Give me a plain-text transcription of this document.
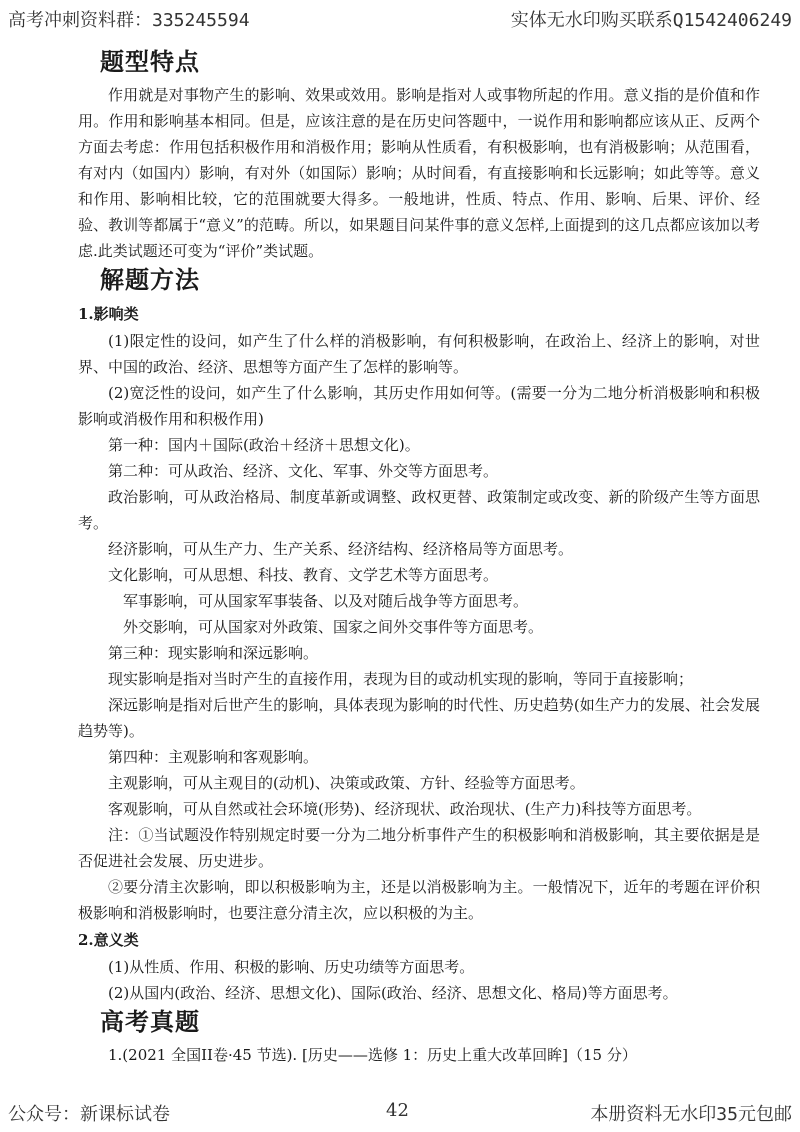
高考冲刺资料群：335245594	实体无水印购买联系Q1542406249
题型特点

作用就是对事物产生的影响、效果或效用。影响是指对人或事物所起的作用。意义指的是价值和作用。作用和影响基本相同。但是，应该注意的是在历史问答题中，一说作用和影响都应该从正、反两个方面去考虑：作用包括积极作用和消极作用；影响从性质看，有积极影响，也有消极影响；从范围看，有对内（如国内）影响，有对外（如国际）影响；从时间看，有直接影响和长远影响；如此等等。意义和作用、影响相比较，它的范围就要大得多。一般地讲，性质、特点、作用、影响、后果、评价、经验、教训等都属于“意义”的范畴。所以，如果题目问某件事的意义怎样,上面提到的这几点都应该加以考虑.此类试题还可变为“评价”类试题。

解题方法

1.影响类

(1)限定性的设问，如产生了什么样的消极影响，有何积极影响，在政治上、经济上的影响，对世界、中国的政治、经济、思想等方面产生了怎样的影响等。

(2)宽泛性的设问，如产生了什么影响，其历史作用如何等。(需要一分为二地分析消极影响和积极影响或消极作用和积极作用)

第一种：国内＋国际(政治＋经济＋思想文化)。

第二种：可从政治、经济、文化、军事、外交等方面思考。

政治影响，可从政治格局、制度革新或调整、政权更替、政策制定或改变、新的阶级产生等方面思考。

经济影响，可从生产力、生产关系、经济结构、经济格局等方面思考。

文化影响，可从思想、科技、教育、文学艺术等方面思考。

军事影响，可从国家军事装备、以及对随后战争等方面思考。

外交影响，可从国家对外政策、国家之间外交事件等方面思考。

第三种：现实影响和深远影响。

现实影响是指对当时产生的直接作用，表现为目的或动机实现的影响，等同于直接影响；

深远影响是指对后世产生的影响，具体表现为影响的时代性、历史趋势(如生产力的发展、社会发展趋势等)。

第四种：主观影响和客观影响。

主观影响，可从主观目的(动机)、决策或政策、方针、经验等方面思考。

客观影响，可从自然或社会环境(形势)、经济现状、政治现状、(生产力)科技等方面思考。

注：①当试题没作特别规定时要一分为二地分析事件产生的积极影响和消极影响，其主要依据是是否促进社会发展、历史进步。

②要分清主次影响，即以积极影响为主，还是以消极影响为主。一般情况下，近年的考题在评价积极影响和消极影响时，也要注意分清主次，应以积极的为主。

2.意义类

(1)从性质、作用、积极的影响、历史功绩等方面思考。

(2)从国内(政治、经济、思想文化)、国际(政治、经济、思想文化、格局)等方面思考。

高考真题

1.(2021 全国II卷·45 节选). [历史——选修 1：历史上重大改革回眸]（15 分）

公众号：新课标试卷	42	本册资料无水印35元包邮
